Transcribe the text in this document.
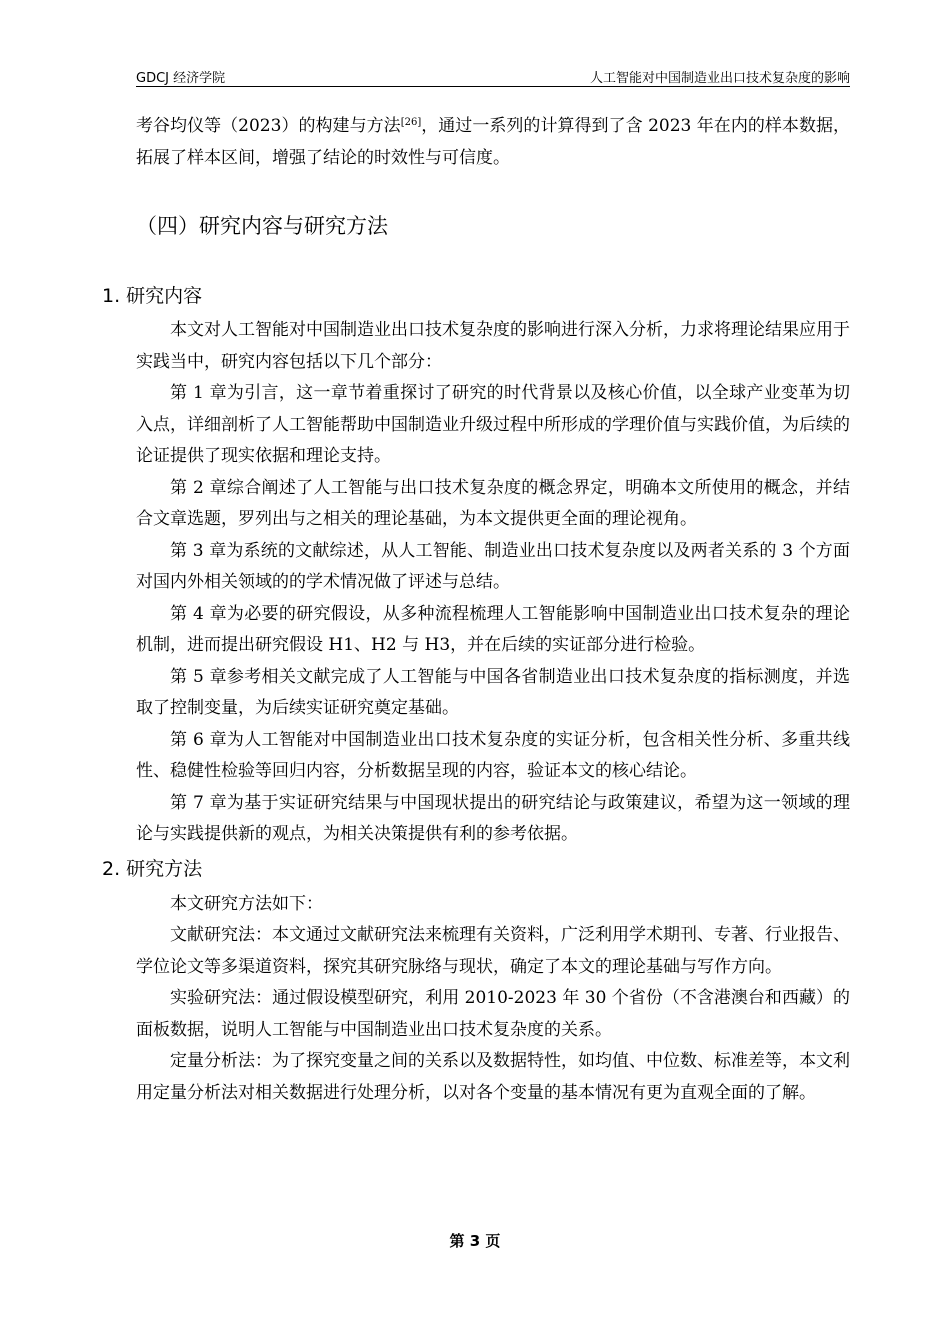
GDCJ 经济学院	人工智能对中国制造业出口技术复杂度的影响

考谷均仪等（2023）的构建与方法[26]，通过一系列的计算得到了含 2023 年在内的样本数据，拓展了样本区间，增强了结论的时效性与可信度。

（四）研究内容与研究方法
1. 研究内容

本文对人工智能对中国制造业出口技术复杂度的影响进行深入分析，力求将理论结果应用于实践当中，研究内容包括以下几个部分：

第 1 章为引言，这一章节着重探讨了研究的时代背景以及核心价值，以全球产业变革为切入点，详细剖析了人工智能帮助中国制造业升级过程中所形成的学理价值与实践价值，为后续的论证提供了现实依据和理论支持。

第 2 章综合阐述了人工智能与出口技术复杂度的概念界定，明确本文所使用的概念，并结合文章选题，罗列出与之相关的理论基础，为本文提供更全面的理论视角。

第 3 章为系统的文献综述，从人工智能、制造业出口技术复杂度以及两者关系的 3 个方面对国内外相关领域的的学术情况做了评述与总结。

第 4 章为必要的研究假设，从多种流程梳理人工智能影响中国制造业出口技术复杂的理论机制，进而提出研究假设 H1、H2 与 H3，并在后续的实证部分进行检验。

第 5 章参考相关文献完成了人工智能与中国各省制造业出口技术复杂度的指标测度，并选取了控制变量，为后续实证研究奠定基础。

第 6 章为人工智能对中国制造业出口技术复杂度的实证分析，包含相关性分析、多重共线性、稳健性检验等回归内容，分析数据呈现的内容，验证本文的核心结论。

第 7 章为基于实证研究结果与中国现状提出的研究结论与政策建议，希望为这一领域的理论与实践提供新的观点，为相关决策提供有利的参考依据。

2. 研究方法

本文研究方法如下：

文献研究法：本文通过文献研究法来梳理有关资料，广泛利用学术期刊、专著、行业报告、学位论文等多渠道资料，探究其研究脉络与现状，确定了本文的理论基础与写作方向。

实验研究法：通过假设模型研究，利用 2010-2023 年 30 个省份（不含港澳台和西藏）的面板数据，说明人工智能与中国制造业出口技术复杂度的关系。

定量分析法：为了探究变量之间的关系以及数据特性，如均值、中位数、标准差等，本文利用定量分析法对相关数据进行处理分析，以对各个变量的基本情况有更为直观全面的了解。

第 3 页
